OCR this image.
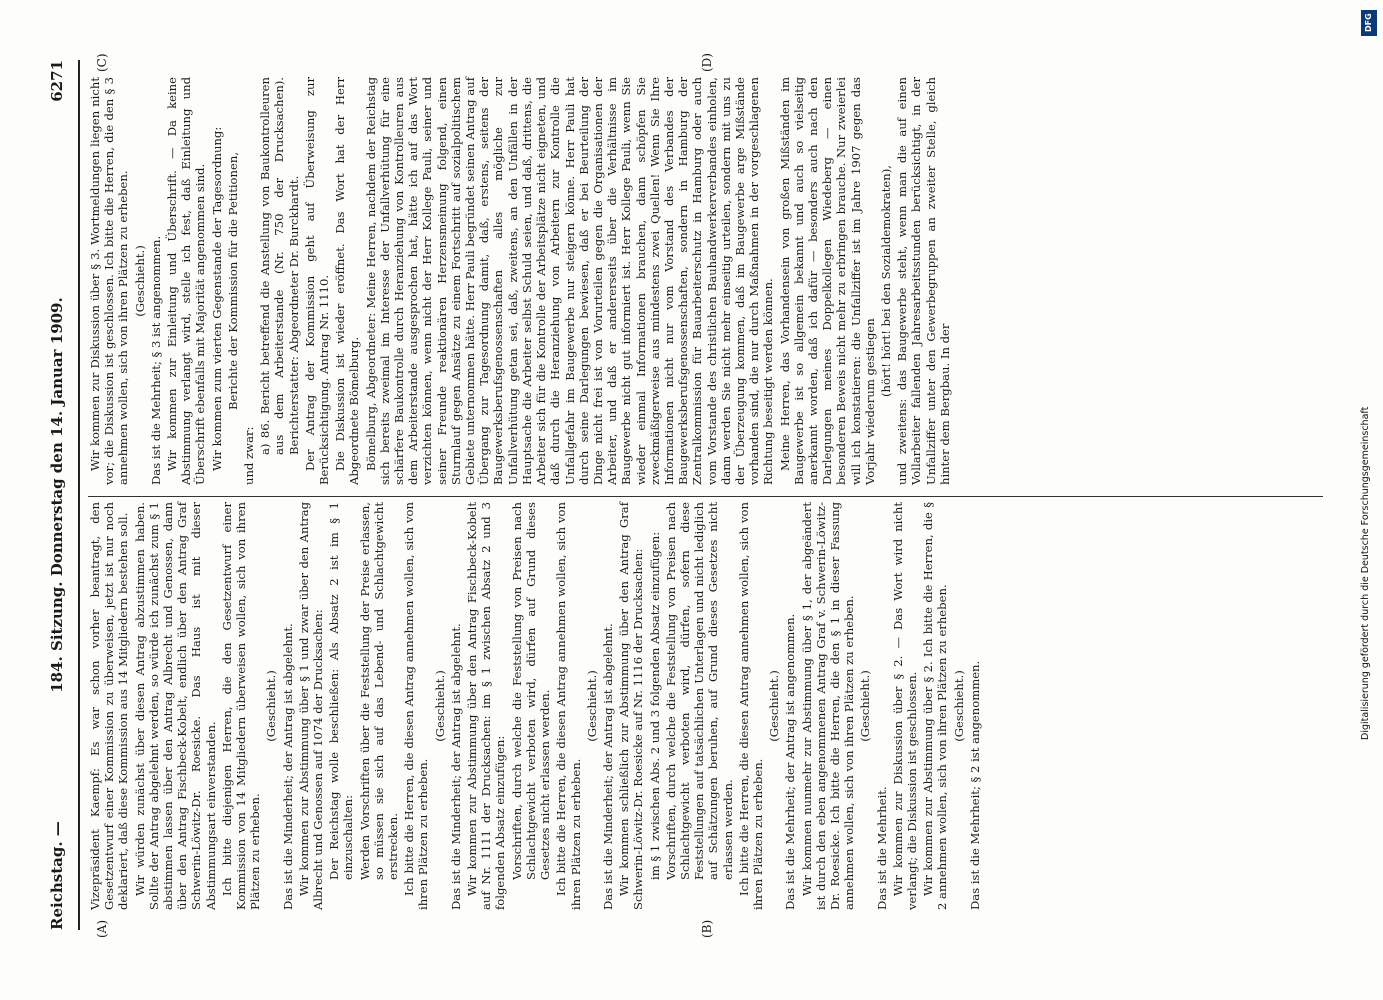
Reichstag. —
184. Sitzung. Donnerstag den 14. Januar 1909.
6271
(A)	(B)
(C)	(D)

Vizepräsident Kaempf: Es war schon vorher beantragt, den Gesetzentwurf einer Kommission zu überweisen, jetzt ist nur noch deklariert, daß diese Kommission aus 14 Mitgliedern bestehen soll. Wir würden zunächst über diesen Antrag abzustimmen haben. Sollte der Antrag abgelehnt werden, so würde ich zunächst zum § 1 abstimmen lassen über den Antrag Albrecht und Genossen, dann über den Antrag Fischbeck-Kobelt, endlich über den Antrag Graf Schwerin-Löwitz-Dr. Roesicke. Das Haus ist mit dieser Abstimmungsart einverstanden. Ich bitte diejenigen Herren, die den Gesetzentwurf einer Kommission von 14 Mitgliedern überweisen wollen, sich von ihren Plätzen zu erheben.

(Geschieht.) Das ist die Minderheit; der Antrag ist abgelehnt. Wir kommen zur Abstimmung über § 1 und zwar über den Antrag Albrecht und Genossen auf 1074 der Drucksachen: Der Reichstag wolle beschließen: Als Absatz 2 ist im § 1 einzuschalten: Werden Vorschriften über die Feststellung der Preise erlassen, so müssen sie sich auf das Lebend- und Schlachtgewicht erstrecken. Ich bitte die Herren, die diesen Antrag annehmen wollen, sich von ihren Plätzen zu erheben.

(Geschieht.) Das ist die Minderheit; der Antrag ist abgelehnt. Wir kommen zur Abstimmung über den Antrag Fischbeck-Kobelt auf Nr. 1111 der Drucksachen: im § 1 zwischen Absatz 2 und 3 folgenden Absatz einzufügen: Vorschriften, durch welche die Feststellung von Preisen nach Schlachtgewicht verboten wird, dürfen auf Grund dieses Gesetzes nicht erlassen werden. Ich bitte die Herren, die diesen Antrag annehmen wollen, sich von ihren Plätzen zu erheben.

(Geschieht.) Das ist die Minderheit; der Antrag ist abgelehnt. Wir kommen schließlich zur Abstimmung über den Antrag Graf Schwerin-Löwitz-Dr. Roesicke auf Nr. 1116 der Drucksachen: im § 1 zwischen Abs. 2 und 3 folgenden Absatz einzufügen: Vorschriften, durch welche die Feststellung von Preisen nach Schlachtgewicht verboten wird, dürfen, sofern diese Feststellungen auf tatsächlichen Unterlagen und nicht lediglich auf Schätzungen beruhen, auf Grund dieses Gesetzes nicht erlassen werden. Ich bitte die Herren, die diesen Antrag annehmen wollen, sich von ihren Plätzen zu erheben.

(Geschieht.) Das ist die Mehrheit; der Antrag ist angenommen. Wir kommen nunmehr zur Abstimmung über § 1, der abgeändert ist durch den eben angenommenen Antrag Graf v. Schwerin-Löwitz-Dr. Roesicke. Ich bitte die Herren, die den § 1 in dieser Fassung annehmen wollen, sich von ihren Plätzen zu erheben. (Geschieht.)

Das ist die Mehrheit. Wir kommen zur Diskussion über § 2. — Das Wort wird nicht verlangt; die Diskussion ist geschlossen. Wir kommen zur Abstimmung über § 2. Ich bitte die Herren, die § 2 annehmen wollen, sich von ihren Plätzen zu erheben. (Geschieht.) Das ist die Mehrheit; § 2 ist angenommen.

Wir kommen zur Diskussion über § 3. Wortmeldungen liegen nicht vor; die Diskussion ist geschlossen. Ich bitte die Herren, die den § 3 annehmen wollen, sich von ihren Plätzen zu erheben. (Geschieht.) Das ist die Mehrheit; § 3 ist angenommen. Wir kommen zur Einleitung und Überschrift. — Da keine Abstimmung verlangt wird, stelle ich fest, daß Einleitung und Überschrift ebenfalls mit Majorität angenommen sind. Wir kommen zum vierten Gegenstande der Tagesordnung: Berichte der Kommission für die Petitionen,

und zwar:

a) 86. Bericht betreffend die Anstellung von Baukontrolleuren aus dem Arbeiterstande (Nr. 750 der Drucksachen). Berichterstatter: Abgeordneter Dr. Burckhardt. Der Antrag der Kommission geht auf Überweisung zur Berücksichtigung. Antrag Nr. 1110. Die Diskussion ist wieder eröffnet. Das Wort hat der Herr Abgeordnete Bömelburg. Bömelburg, Abgeordneter: Meine Herren, nachdem der Reichstag sich bereits zweimal im Interesse der Unfallverhütung für eine schärfere Baukontrolle durch Heranziehung von Kontrolleuren aus dem Arbeiterstande ausgesprochen hat, hätte ich auf das Wort verzichten können, wenn nicht der Herr Kollege Pauli, seiner und seiner Freunde reaktionären Herzensmeinung folgend, einen Sturmlauf gegen Ansätze zu einem Fortschritt auf sozialpolitischem Gebiete unternommen hätte. Herr Pauli begründet seinen Antrag auf Übergang zur Tagesordnung damit, daß, erstens, seitens der Baugewerksberufsgenossenschaften alles mögliche zur Unfallverhütung getan sei, daß, zweitens, an den Unfällen in der Hauptsache die Arbeiter selbst Schuld seien, und daß, drittens, die Arbeiter sich für die Kontrolle der Arbeitsplätze nicht eigneten, und daß durch die Heranziehung von Arbeitern zur Kontrolle die Unfallgefahr im Baugewerbe nur steigern könne. Herr Pauli hat durch seine Darlegungen bewiesen, daß er bei Beurteilung der Dinge nicht frei ist von Vorurteilen gegen die Organisationen der Arbeiter, und daß er andererseits über die Verhältnisse im Baugewerbe nicht gut informiert ist. Herr Kollege Pauli, wenn Sie wieder einmal Informationen brauchen, dann schöpfen Sie zweckmäßigerweise aus mindestens zwei Quellen! Wenn Sie Ihre Informationen nicht nur vom Vorstand des Verbandes der Baugewerksberufsgenossenschaften, sondern in Hamburg der Zentralkommission für Bauarbeiterschutz in Hamburg oder auch vom Vorstande des christlichen Bauhandwerkerverbandes einholen, dann werden Sie nicht mehr einseitig urteilen, sondern mit uns zu der Überzeugung kommen, daß im Baugewerbe arge Mißstände vorhanden sind, die nur durch Maßnahmen in der vorgeschlagenen Richtung beseitigt werden können. Meine Herren, das Vorhandensein von großen Mißständen im Baugewerbe ist so allgemein bekannt und auch so vielseitig anerkannt worden, daß ich dafür — besonders auch nach den Darlegungen meines Doppelkollegen Wiedeberg — einen besonderen Beweis nicht mehr zu erbringen brauche. Nur zweierlei will ich konstatieren: die Unfallziffer ist im Jahre 1907 gegen das Vorjahr wiederum gestiegen

(hört! hört! bei den Sozialdemokraten), und zweitens: das Baugewerbe steht, wenn man die auf einen Vollarbeiter fallenden Jahresarbeitsstunden berücksichtigt, in der Unfallziffer unter den Gewerbegruppen an zweiter Stelle, gleich hinter dem Bergbau. In der

DFG
Digitalisierung gefördert durch die Deutsche Forschungsgemeinschaft
